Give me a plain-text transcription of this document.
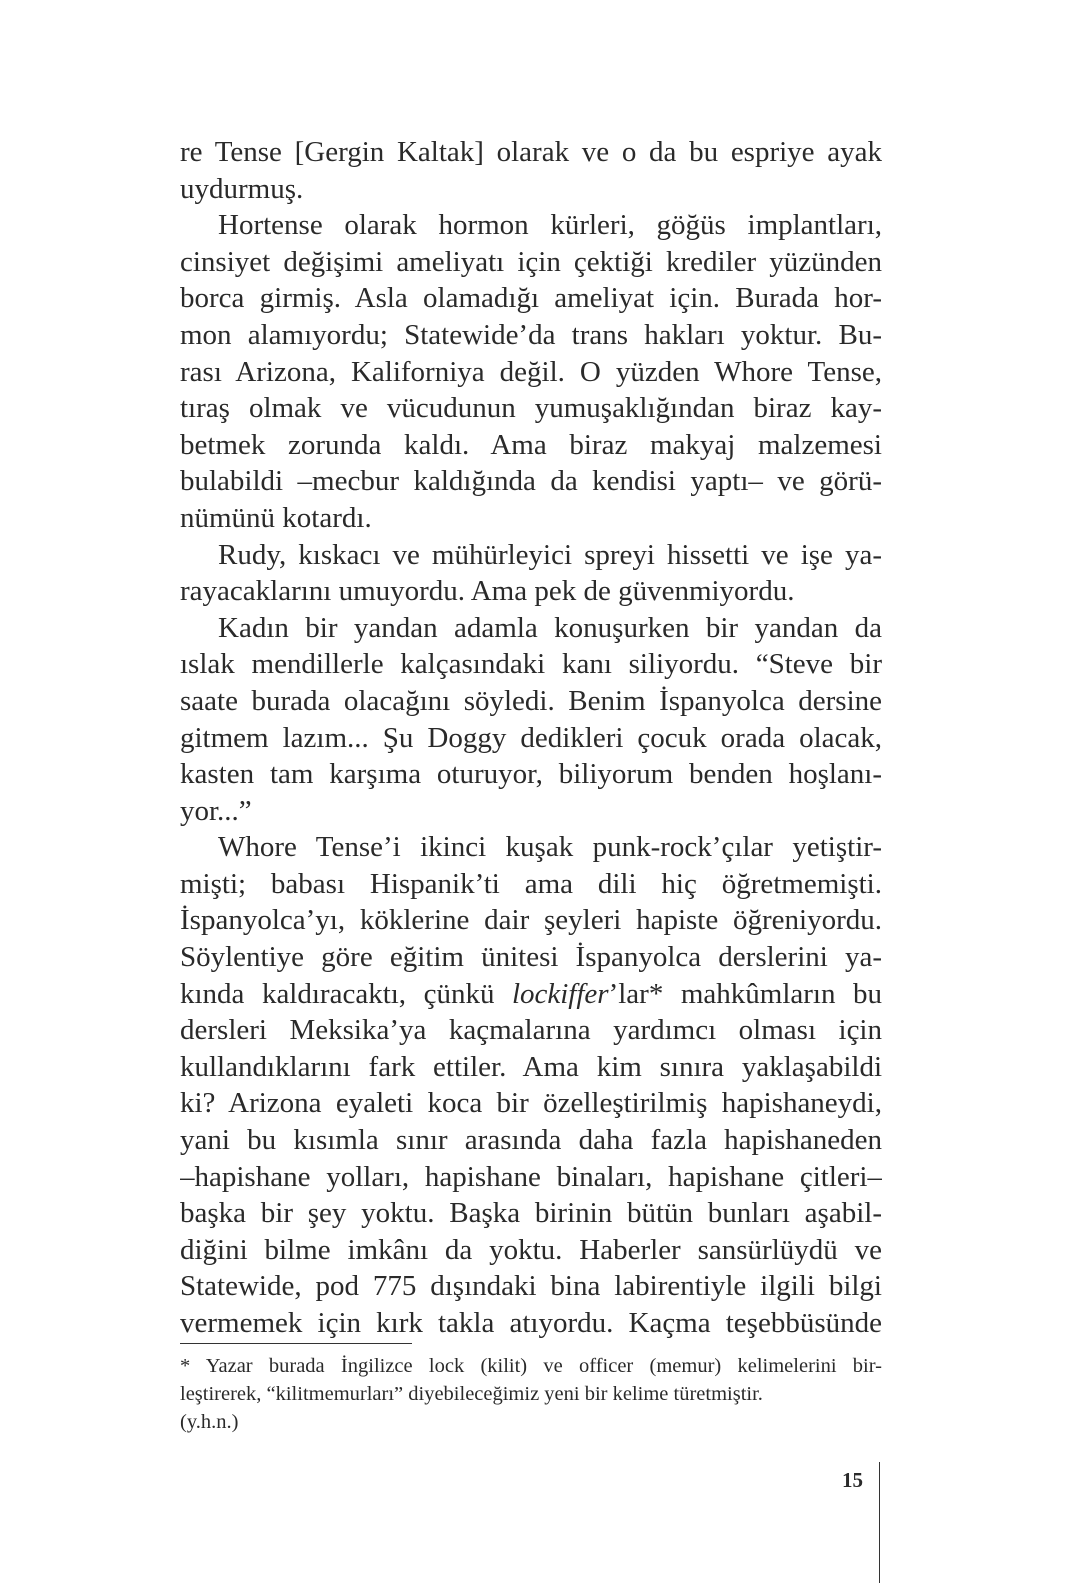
re Tense [Gergin Kaltak] olarak ve o da bu espriye ayak
uydurmuş.
Hortense olarak hormon kürleri, göğüs implantları,
cinsiyet değişimi ameliyatı için çektiği krediler yüzünden
borca girmiş. Asla olamadığı ameliyat için. Burada hor-
mon alamıyordu; Statewide’da trans hakları yoktur. Bu-
rası Arizona, Kaliforniya değil. O yüzden Whore Tense,
tıraş olmak ve vücudunun yumuşaklığından biraz kay-
betmek zorunda kaldı. Ama biraz makyaj malzemesi
bulabildi –mecbur kaldığında da kendisi yaptı– ve görü-
nümünü kotardı.
Rudy, kıskacı ve mühürleyici spreyi hissetti ve işe ya-
rayacaklarını umuyordu. Ama pek de güvenmiyordu.
Kadın bir yandan adamla konuşurken bir yandan da
ıslak mendillerle kalçasındaki kanı siliyordu. “Steve bir
saate burada olacağını söyledi. Benim İspanyolca dersine
gitmem lazım... Şu Doggy dedikleri çocuk orada olacak,
kasten tam karşıma oturuyor, biliyorum benden hoşlanı-
yor...”
Whore Tense’i ikinci kuşak punk-rock’çılar yetiştir-
mişti; babası Hispanik’ti ama dili hiç öğretmemişti.
İspanyolca’yı, köklerine dair şeyleri hapiste öğreniyordu.
Söylentiye göre eğitim ünitesi İspanyolca derslerini ya-
kında kaldıracaktı, çünkü lockiffer’lar* mahkûmların bu
dersleri Meksika’ya kaçmalarına yardımcı olması için
kullandıklarını fark ettiler. Ama kim sınıra yaklaşabildi
ki? Arizona eyaleti koca bir özelleştirilmiş hapishaneydi,
yani bu kısımla sınır arasında daha fazla hapishaneden
–hapishane yolları, hapishane binaları, hapishane çitleri–
başka bir şey yoktu. Başka birinin bütün bunları aşabil-
diğini bilme imkânı da yoktu. Haberler sansürlüydü ve
Statewide, pod 775 dışındaki bina labirentiyle ilgili bilgi
vermemek için kırk takla atıyordu. Kaçma teşebbüsünde
* Yazar burada İngilizce lock (kilit) ve officer (memur) kelimelerini bir-
leştirerek, “kilitmemurları” diyebileceğimiz yeni bir kelime türetmiştir.
(y.h.n.)
15
